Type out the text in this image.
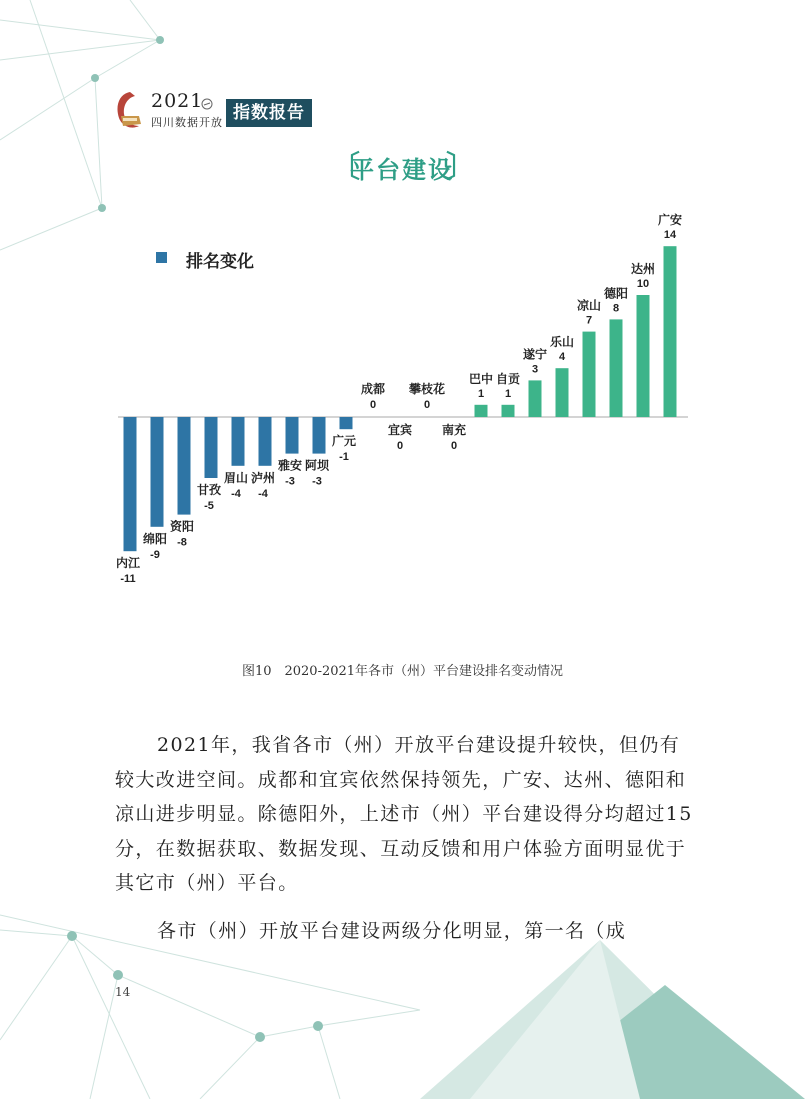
2021
四川数据开放 指数报告
〔
平台建设
〕
排名变化
内江
-11
绵阳
-9
资阳
-8
甘孜
-5
眉山
-4
泸州
-4
雅安
-3
阿坝
-3
广元
-1
成都
0
宜宾
0
攀枝花
0
南充
0
巴中
1
自贡
1
遂宁
3
乐山
4
凉山
7
德阳
8
达州
10
广安
14
图10　2020-2021年各市（州）平台建设排名变动情况

2021年，我省各市（州）开放平台建设提升较快，但仍有较大改进空间。成都和宜宾依然保持领先，广安、达州、德阳和凉山进步明显。除德阳外，上述市（州）平台建设得分均超过15分，在数据获取、数据发现、互动反馈和用户体验方面明显优于其它市（州）平台。

各市（州）开放平台建设两级分化明显，第一名（成

14
